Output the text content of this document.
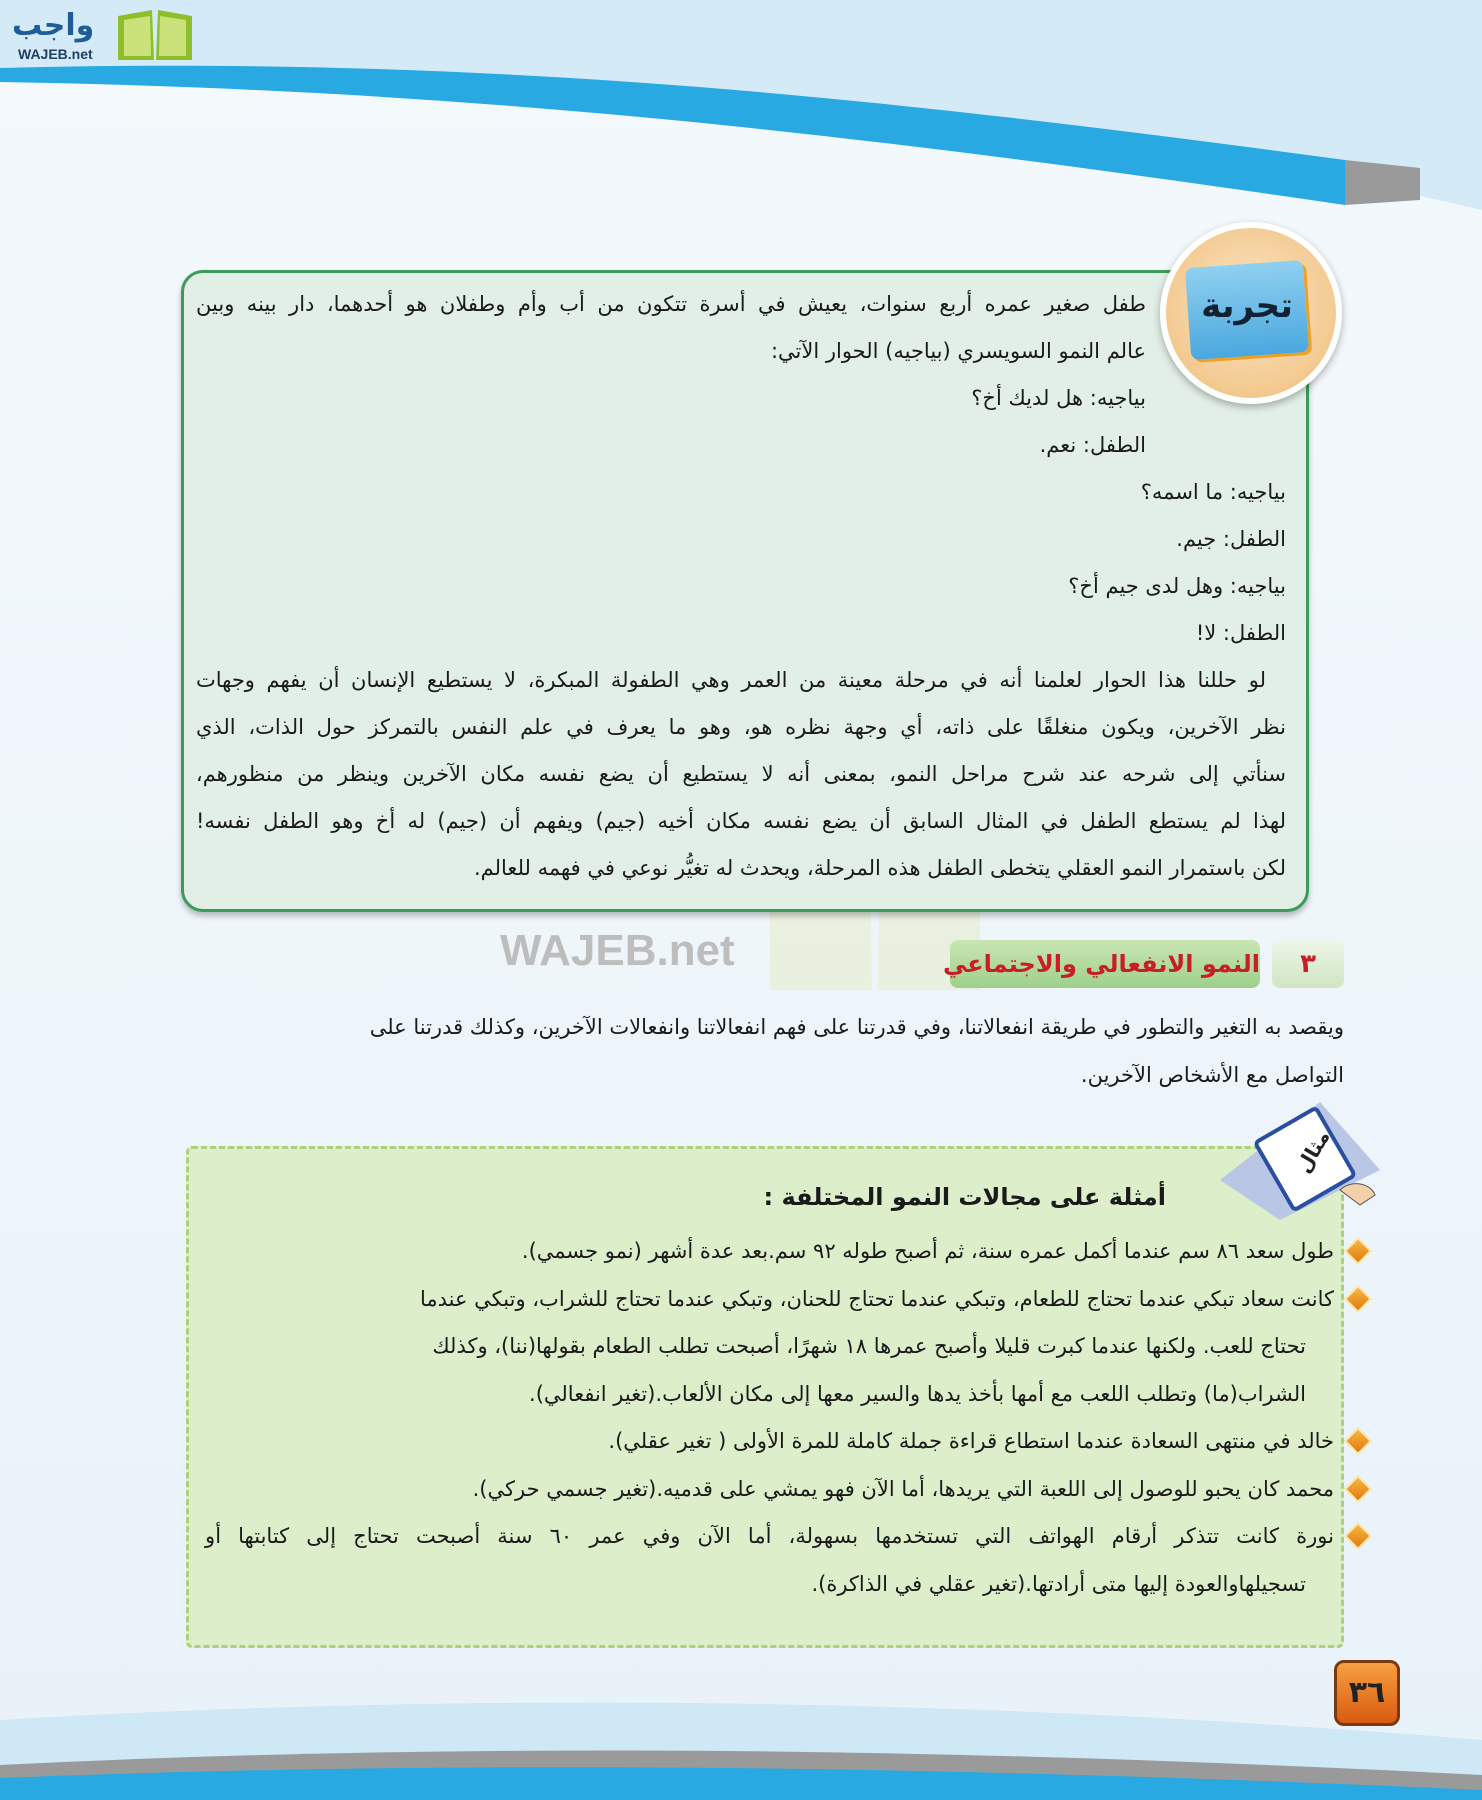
واجب
WAJEB.net
WAJEB.net
طفل صغير عمره أربع سنوات، يعيش في أسرة تتكون من أب وأم وطفلان هو أحدهما، دار بينه وبين
عالم النمو السويسري (بياجيه) الحوار الآتي:
بياجيه: هل لديك أخ؟
الطفل: نعم.
بياجيه: ما اسمه؟
الطفل: جيم.
بياجيه: وهل لدى جيم أخ؟
الطفل: لا!
لو حللنا هذا الحوار لعلمنا أنه في مرحلة معينة من العمر وهي الطفولة المبكرة، لا يستطيع الإنسان أن يفهم وجهات
نظر الآخرين، ويكون منغلقًا على ذاته، أي وجهة نظره هو، وهو ما يعرف في علم النفس بالتمركز حول الذات، الذي
سنأتي إلى شرحه عند شرح مراحل النمو، بمعنى أنه لا يستطيع أن يضع نفسه مكان الآخرين وينظر من منظورهم،
لهذا لم يستطع الطفل في المثال السابق أن يضع نفسه مكان أخيه (جيم) ويفهم أن (جيم) له أخ وهو الطفل نفسه!
لكن باستمرار النمو العقلي يتخطى الطفل هذه المرحلة، ويحدث له تغيُّر نوعي في فهمه للعالم.
تجربة
٣
النمو الانفعالي والاجتماعي
ويقصد به التغير والتطور في طريقة انفعالاتنا، وفي قدرتنا على فهم انفعالاتنا وانفعالات الآخرين، وكذلك قدرتنا على
التواصل مع الأشخاص الآخرين.
مثال
أمثلة على مجالات النمو المختلفة :
طول سعد ٨٦ سم عندما أكمل عمره سنة، ثم أصبح طوله ٩٢ سم.بعد عدة أشهر (نمو جسمي).
كانت سعاد تبكي عندما تحتاج للطعام، وتبكي عندما تحتاج للحنان، وتبكي عندما تحتاج للشراب، وتبكي عندما
تحتاج للعب. ولكنها عندما كبرت قليلا وأصبح عمرها ١٨ شهرًا، أصبحت تطلب الطعام بقولها(ننا)، وكذلك
الشراب(ما) وتطلب اللعب مع أمها بأخذ يدها والسير معها إلى مكان الألعاب.(تغير انفعالي).
خالد في منتهى السعادة عندما استطاع قراءة جملة كاملة للمرة الأولى ( تغير عقلي).
محمد كان يحبو للوصول إلى اللعبة التي يريدها، أما الآن فهو يمشي على قدميه.(تغير جسمي حركي).
نورة كانت تتذكر أرقام الهواتف التي تستخدمها بسهولة، أما الآن وفي عمر ٦٠ سنة أصبحت تحتاج إلى كتابتها أو
تسجيلهاوالعودة إليها متى أرادتها.(تغير عقلي في الذاكرة).
٣٦
